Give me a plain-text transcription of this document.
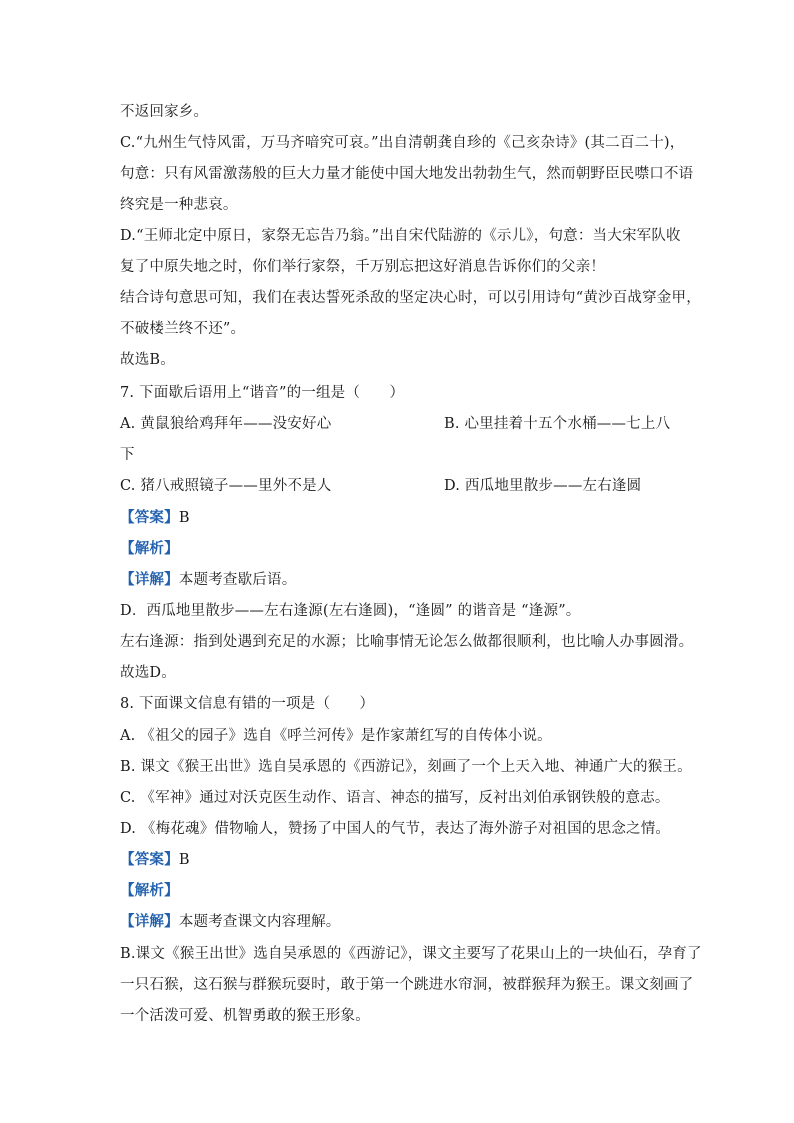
不返回家乡。
C.“九州生气恃风雷，万马齐喑究可哀。”出自清朝龚自珍的《己亥杂诗》(其二百二十)，
句意：只有风雷激荡般的巨大力量才能使中国大地发出勃勃生气，然而朝野臣民噤口不语
终究是一种悲哀。
D.“王师北定中原日，家祭无忘告乃翁。”出自宋代陆游的《示儿》，句意：当大宋军队收
复了中原失地之时，你们举行家祭，千万别忘把这好消息告诉你们的父亲！
结合诗句意思可知，我们在表达誓死杀敌的坚定决心时，可以引用诗句“黄沙百战穿金甲，
不破楼兰终不还”。
故选B。
7. 下面歇后语用上“谐音”的一组是（　　）
A. 黄鼠狼给鸡拜年——没安好心	B. 心里挂着十五个水桶——七上八
下
C. 猪八戒照镜子——里外不是人	D. 西瓜地里散步——左右逢圆
【答案】B
【解析】
【详解】本题考查歇后语。
D．西瓜地里散步——左右逢源(左右逢圆)，“逢圆” 的谐音是 “逢源”。
左右逢源：指到处遇到充足的水源；比喻事情无论怎么做都很顺利，也比喻人办事圆滑。
故选D。
8. 下面课文信息有错的一项是（　　）
A. 《祖父的园子》选自《呼兰河传》是作家萧红写的自传体小说。
B. 课文《猴王出世》选自吴承恩的《西游记》，刻画了一个上天入地、神通广大的猴王。
C. 《军神》通过对沃克医生动作、语言、神态的描写，反衬出刘伯承钢铁般的意志。
D. 《梅花魂》借物喻人，赞扬了中国人的气节，表达了海外游子对祖国的思念之情。
【答案】B
【解析】
【详解】本题考查课文内容理解。
B.课文《猴王出世》选自吴承恩的《西游记》，课文主要写了花果山上的一块仙石，孕育了
一只石猴，这石猴与群猴玩耍时，敢于第一个跳进水帘洞，被群猴拜为猴王。课文刻画了
一个活泼可爱、机智勇敢的猴王形象。
